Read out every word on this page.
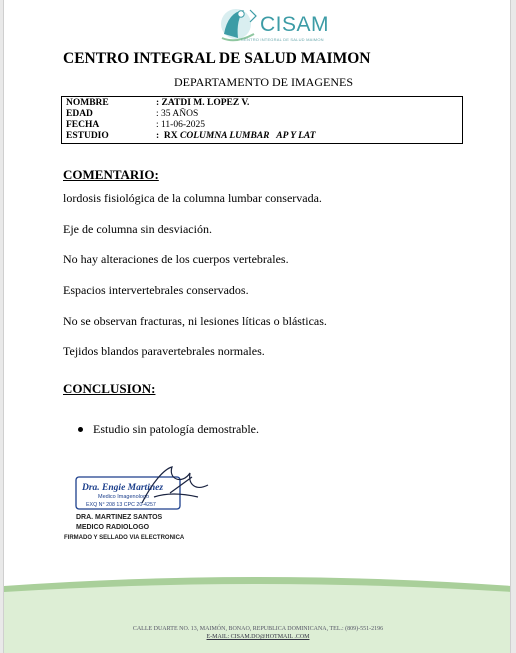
CISAM
CENTRO INTEGRAL DE SALUD MAIMON
CENTRO INTEGRAL DE SALUD MAIMON
DEPARTAMENTO DE IMAGENES
NOMBRE	: ZATDI M. LOPEZ V.
EDAD	: 35 AÑOS
FECHA	: 11-06-2025
ESTUDIO	:  RX COLUMNA LUMBAR   AP Y LAT
COMENTARIO:
lordosis fisiológica de la columna lumbar conservada.
Eje de columna sin desviación.
No hay alteraciones de los cuerpos vertebrales.
Espacios intervertebrales conservados.
No se observan fracturas, ni lesiones líticas o blásticas.
Tejidos blandos paravertebrales normales.
CONCLUSION:
Estudio sin patología demostrable.
Dra. Engie Martinez
Medico Imagenologo
EXQ N° 208 13 CPC 20-4257
DRA. MARTINEZ SANTOS
MEDICO RADIOLOGO
FIRMADO Y SELLADO VIA ELECTRONICA
CALLE DUARTE NO. 13, MAIMÓN, BONAO, REPUBLICA DOMINICANA, TEL.: (809)-551-2196
E-MAIL: CISAM.DO@HOTMAIL .COM
